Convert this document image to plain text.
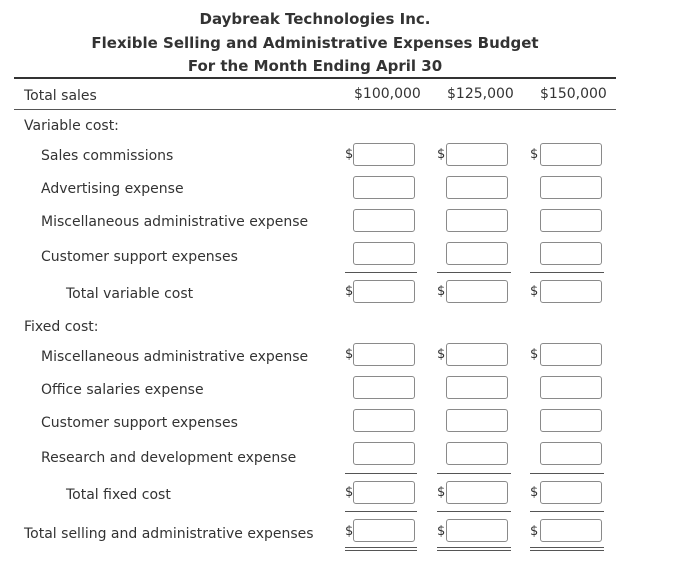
Daybreak Technologies Inc.
Flexible Selling and Administrative Expenses Budget
For the Month Ending April 30
Total sales	$100,000 $125,000 $150,000
Variable cost:
Sales commissions
Advertising expense
Miscellaneous administrative expense
Customer support expenses
Total variable cost
Fixed cost:
Miscellaneous administrative expense
Office salaries expense
Customer support expenses
Research and development expense
Total fixed cost
Total selling and administrative expenses
$
$
$
$
$
$
$
$
$
$
$
$
$
$
$
